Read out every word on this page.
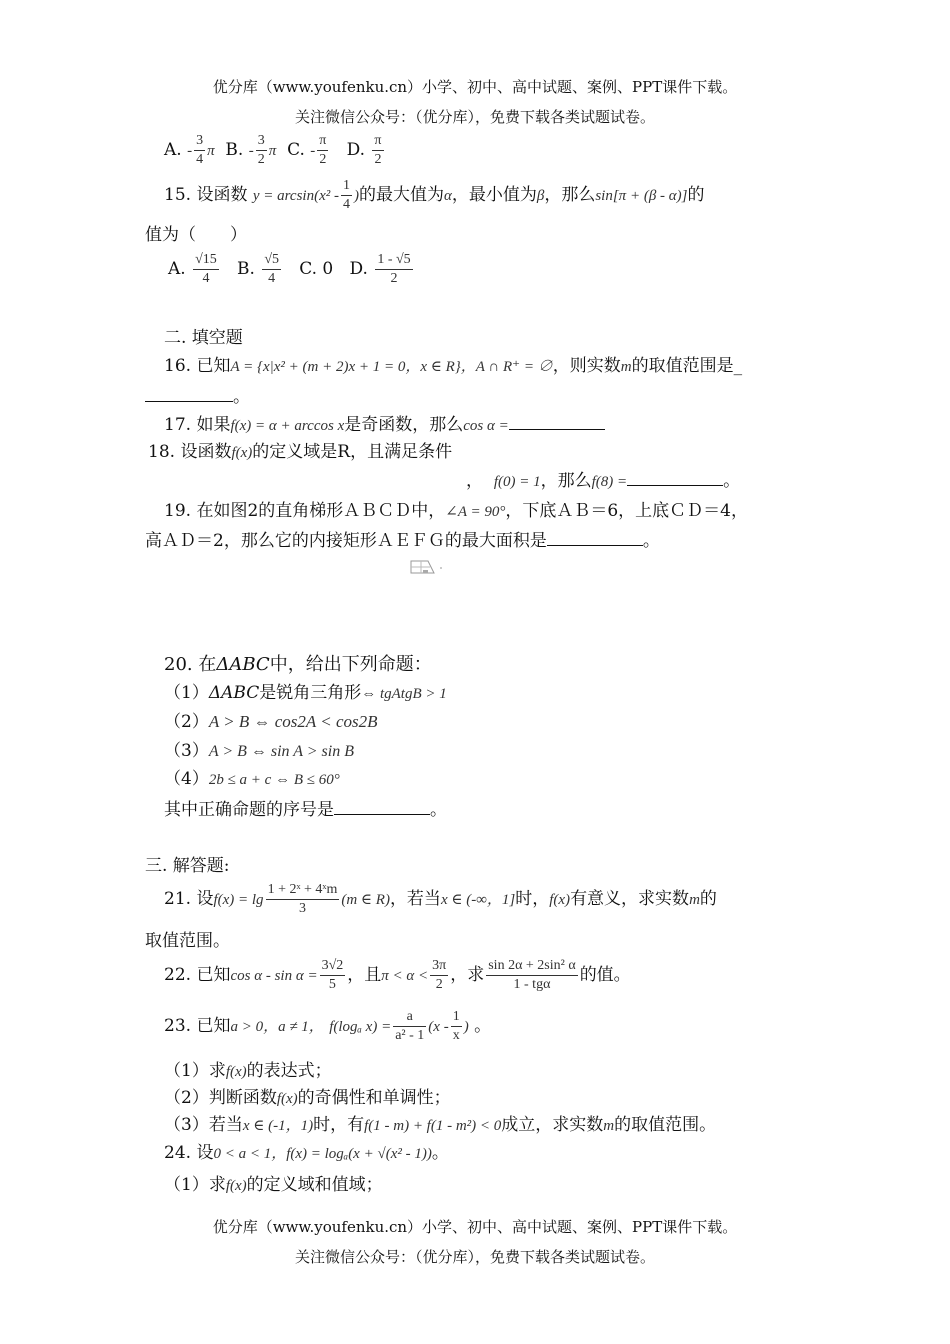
优分库（www.youfenku.cn）小学、初中、高中试题、案例、PPT课件下载。
关注微信公众号：（优分库），免费下载各类试题试卷。
A. - $\frac{3}{4}$ π B. - $\frac{3}{2}$ π C. - $\frac{\pi}{2} D$. $\frac{\pi}{2}$
15. 设函数 $y = \arcsin(x^2 - \frac{1}{4}$ )的最大值为α，最小值为β，那么sin[π + (β - α)]的
值为（　　）
A. $\frac{√15}{4} B$. $\frac{√5}{4} C$. 0 D. $\frac{1 - √5}{2}$
二. 填空题
16. 已知A = {x|x² + (m + 2)x + 1 = 0，x ∈ R}，A ∩ R⁺ = ∅，则实数m的取值范围是_
。
17. 如果f(x) = α + arccos x是奇函数，那么cos α =
18. 设函数f(x)的定义域是R，且满足条件
， f(0) = 1，那么f(8) =	。
19. 在如图2的直角梯形ＡＢＣＤ中，∠A = 90°，下底ＡＢ＝6，上底ＣＤ＝4，
高ＡＤ＝2，那么它的内接矩形ＡＥＦＧ的最大面积是	。
20. 在ΔABC中，给出下列命题：
（1）ΔABC是锐角三角形⇔ tgAtgB > 1
（2）A > B ⇔ cos2A < cos2B
（3）A > B ⇔ sin A > sin B
（4）2b ≤ a + c ⇔ B ≤ 60°
其中正确命题的序号是	。
三. 解答题:
21. 设$f(x) = \lg \frac{\text{1 + 2ˣ + 4ˣm}}{3} (m$ ∈ R)，若当x ∈ (-∞，1]时，f(x)有意义，求实数m的
取值范围。
22. 已知$\cos \alpha - \sin \alpha = \frac{3√2}{5}$ ，且$\pi < \alpha < \frac{3\pi}{2}$ ，求 $\frac{\text{sin 2α + 2sin² α}}{\text{1 - tgα}}$ 的值。
23. 已知a > 0，a ≠ 1， f(logₐ $x) = \frac{a}{\text{a² - 1}} (x - \frac{1}{x}$ ) 。
（1）求f(x)的表达式；
（2）判断函数f(x)的奇偶性和单调性；
（3）若当x ∈ (-1，1)时，有f(1 - m) + f(1 - m²) < 0成立，求实数m的取值范围。
24. 设0 < a < 1，f(x) = logₐ(x + √(x² - 1))。
（1）求f(x)的定义域和值域；
优分库（www.youfenku.cn）小学、初中、高中试题、案例、PPT课件下载。
关注微信公众号：（优分库），免费下载各类试题试卷。
